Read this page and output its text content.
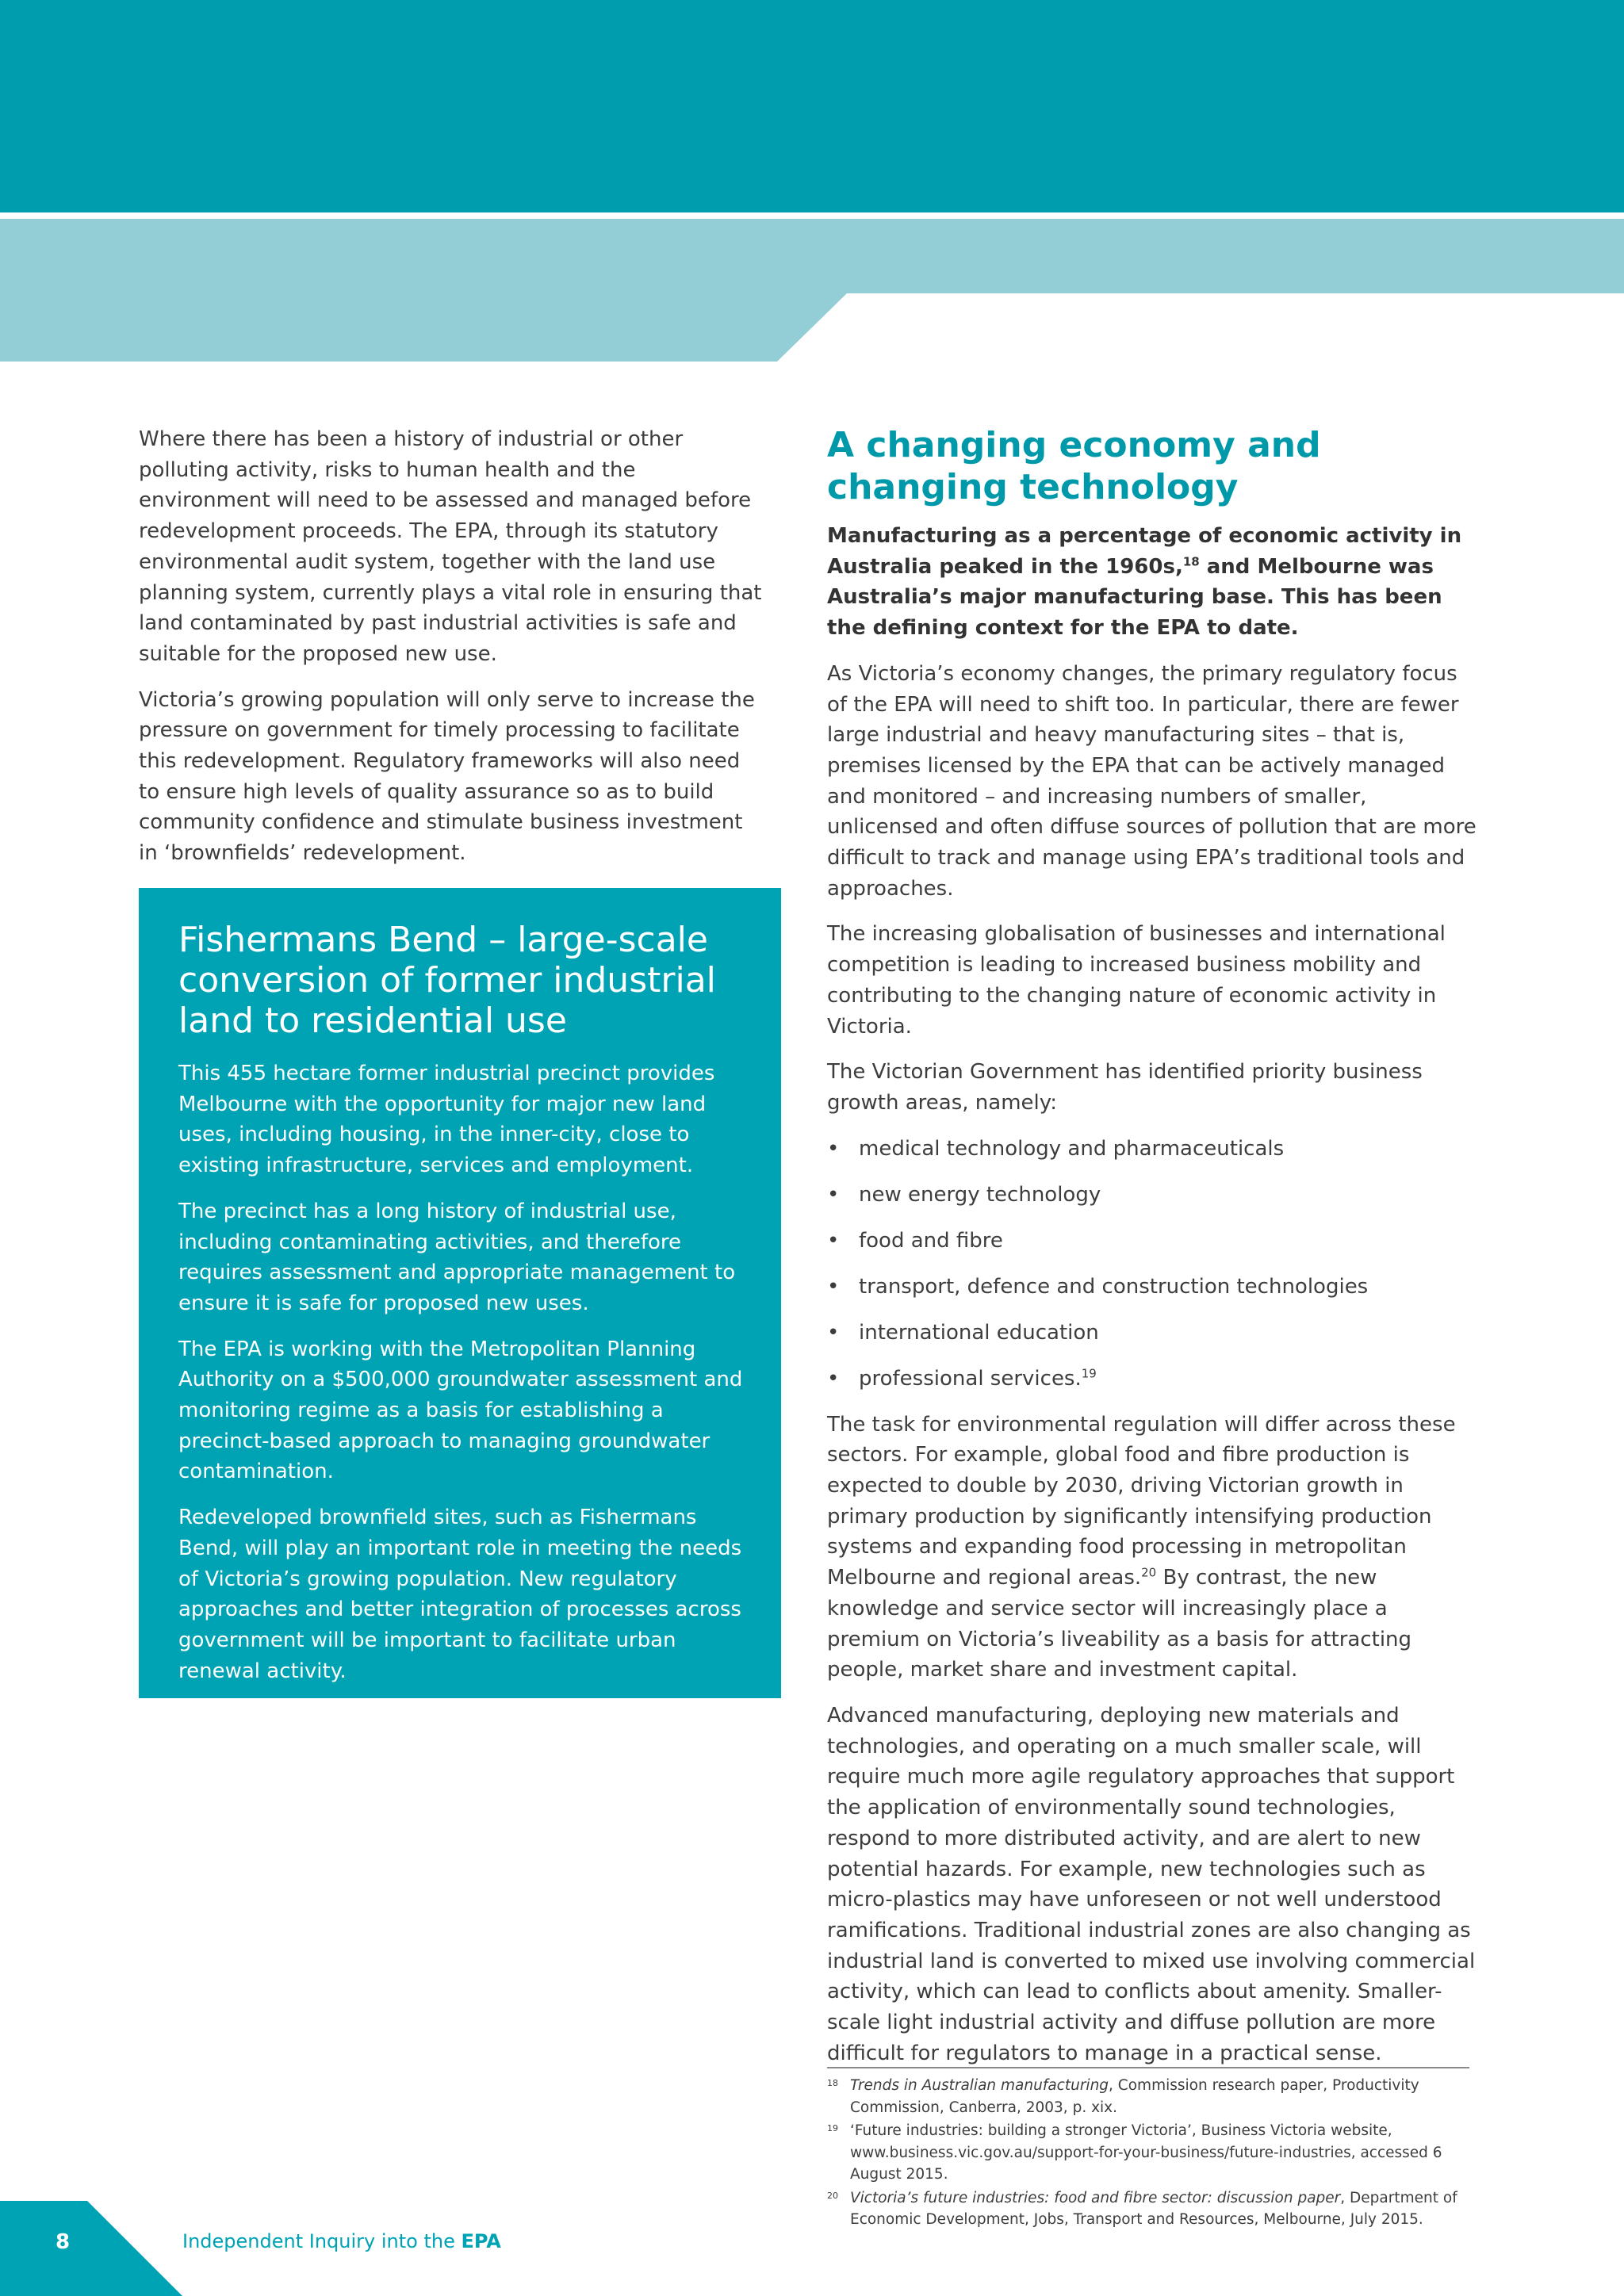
Where there has been a history of industrial or other polluting activity, risks to human health and the environment will need to be assessed and managed before redevelopment proceeds. The EPA, through its statutory environmental audit system, together with the land use planning system, currently plays a vital role in ensuring that land contaminated by past industrial activities is safe and suitable for the proposed new use.

Victoria’s growing population will only serve to increase the pressure on government for timely processing to facilitate this redevelopment. Regulatory frameworks will also need to ensure high levels of quality assurance so as to build community confidence and stimulate business investment in ‘brownfields’ redevelopment.

Fishermans Bend – large-scale conversion of former industrial land to residential use

This 455 hectare former industrial precinct provides Melbourne with the opportunity for major new land uses, including housing, in the inner-city, close to existing infrastructure, services and employment.

The precinct has a long history of industrial use, including contaminating activities, and therefore requires assessment and appropriate management to ensure it is safe for proposed new uses.

The EPA is working with the Metropolitan Planning Authority on a $500,000 groundwater assessment and monitoring regime as a basis for establishing a precinct-based approach to managing groundwater contamination.

Redeveloped brownfield sites, such as Fishermans Bend, will play an important role in meeting the needs of Victoria’s growing population. New regulatory approaches and better integration of processes across government will be important to facilitate urban renewal activity.

A changing economy and changing technology

Manufacturing as a percentage of economic activity in Australia peaked in the 1960s,$^{18}$ and Melbourne was Australia’s major manufacturing base. This has been the defining context for the EPA to date.

As Victoria’s economy changes, the primary regulatory focus of the EPA will need to shift too. In particular, there are fewer large industrial and heavy manufacturing sites – that is, premises licensed by the EPA that can be actively managed and monitored – and increasing numbers of smaller, unlicensed and often diffuse sources of pollution that are more difficult to track and manage using EPA’s traditional tools and approaches.

The increasing globalisation of businesses and international competition is leading to increased business mobility and contributing to the changing nature of economic activity in Victoria.

The Victorian Government has identified priority business growth areas, namely:

• medical technology and pharmaceuticals
• new energy technology
• food and fibre
• transport, defence and construction technologies
• international education
• professional services.$^{19}$

The task for environmental regulation will differ across these sectors. For example, global food and fibre production is expected to double by 2030, driving Victorian growth in primary production by significantly intensifying production systems and expanding food processing in metropolitan Melbourne and regional areas.$^{20}$ By contrast, the new knowledge and service sector will increasingly place a premium on Victoria’s liveability as a basis for attracting people, market share and investment capital.

Advanced manufacturing, deploying new materials and technologies, and operating on a much smaller scale, will require much more agile regulatory approaches that support the application of environmentally sound technologies, respond to more distributed activity, and are alert to new potential hazards. For example, new technologies such as micro-plastics may have unforeseen or not well understood ramifications. Traditional industrial zones are also changing as industrial land is converted to mixed use involving commercial activity, which can lead to conflicts about amenity. Smaller-scale light industrial activity and diffuse pollution are more difficult for regulators to manage in a practical sense.

18 Trends in Australian manufacturing, Commission research paper, Productivity Commission, Canberra, 2003, p. xix.
19 ‘Future industries: building a stronger Victoria’, Business Victoria website, www.business.vic.gov.au/support-for-your-business/future-industries, accessed 6 August 2015.
20 Victoria’s future industries: food and fibre sector: discussion paper, Department of Economic Development, Jobs, Transport and Resources, Melbourne, July 2015.
8	Independent Inquiry into the EPA
